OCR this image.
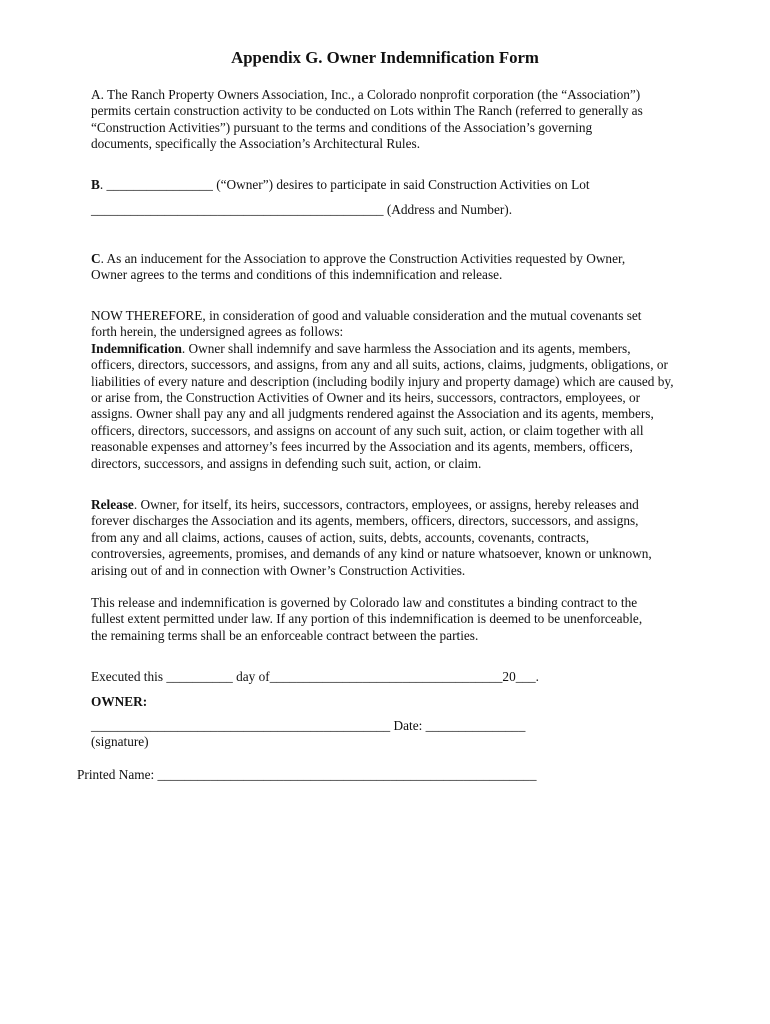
Appendix G. Owner Indemnification Form
A. The Ranch Property Owners Association, Inc., a Colorado nonprofit corporation (the “Association”)
permits certain construction activity to be conducted on Lots within The Ranch (referred to generally as
“Construction Activities”) pursuant to the terms and conditions of the Association’s governing
documents, specifically the Association’s Architectural Rules.
B. ________________ (“Owner”) desires to participate in said Construction Activities on Lot
____________________________________________ (Address and Number).
C. As an inducement for the Association to approve the Construction Activities requested by Owner,
Owner agrees to the terms and conditions of this indemnification and release.
NOW THEREFORE, in consideration of good and valuable consideration and the mutual covenants set
forth herein, the undersigned agrees as follows:
Indemnification. Owner shall indemnify and save harmless the Association and its agents, members,
officers, directors, successors, and assigns, from any and all suits, actions, claims, judgments, obligations, or
liabilities of every nature and description (including bodily injury and property damage) which are caused by,
or arise from, the Construction Activities of Owner and its heirs, successors, contractors, employees, or
assigns. Owner shall pay any and all judgments rendered against the Association and its agents, members,
officers, directors, successors, and assigns on account of any such suit, action, or claim together with all
reasonable expenses and attorney’s fees incurred by the Association and its agents, members, officers,
directors, successors, and assigns in defending such suit, action, or claim.
Release. Owner, for itself, its heirs, successors, contractors, employees, or assigns, hereby releases and
forever discharges the Association and its agents, members, officers, directors, successors, and assigns,
from any and all claims, actions, causes of action, suits, debts, accounts, covenants, contracts,
controversies, agreements, promises, and demands of any kind or nature whatsoever, known or unknown,
arising out of and in connection with Owner’s Construction Activities.
This release and indemnification is governed by Colorado law and constitutes a binding contract to the
fullest extent permitted under law. If any portion of this indemnification is deemed to be unenforceable,
the remaining terms shall be an enforceable contract between the parties.
Executed this __________ day of___________________________________20___.
OWNER:
_____________________________________________ Date: _______________
(signature)
Printed Name: _________________________________________________________
